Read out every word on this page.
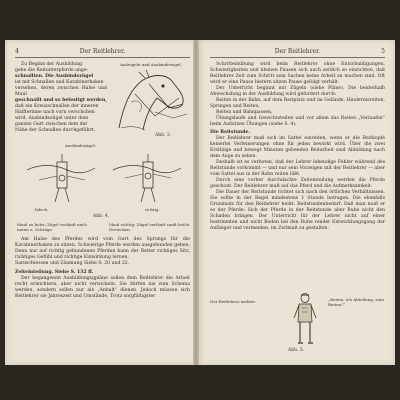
4	Der Reitlehrer.

Zu Beginn der Ausbildung

gebe die Reitunterpferde ange-

schnallten. Die Ausbindezügel

ist mit Schnallen und Karabinerhaken

versehen, deren zwischen Halse und Maul

geschnallt und so befestigt werden,

daß ein Kreuzschnallen der inneren

Halfterinne nach vorn verschoben

wird. Ausbindezügel unter dem

ganzen Gurt zwischen dem der

Nähe der Schnallen durchgeführt.

Aufzügeln und Ausbindezügel.
Abb. 3.
Ausbindezügel.
falsch.	richtig.
Abb. 4.
Maul zu hohe; Zügel verläuft nach unten u. Schräge.
Maul richtig; Zügel verläuft sanft leicht Dreiecken.

Am Halse des Pferdes wird vom Gurt des Sprungs für die Karabinerhaken zu sitzen. Schwierige Pferde werden ausgebunden geben. Denn nur auf richtig gebundenen Pferden kann der Reiter richtiges Sitz, richtiges Gefühl und richtige Einwirkung lernen.

Sarnschiessen und Zäumung Siehe S. 20 und 22.

Zeiteinteilung. Siehe S. 132 ff.

Der begangenen Ausbildungsgpläne sollen dem Reitlehrer die Arbeit recht erleichtern, aber nicht verwickeln. Sie dürfen nie zum Schema werden, sondern sollen nur als „Anhalt“ dienen. Jedoch müssen sich Reitlehrer sie Jahreszeit und Umstände, Trotz sorgfältigster

Der Reitlehrer.	5

Schritteinübung wird beim Reitlehrer ohne Entschuldigungen, Schwierigkeiten und kleinen Pausen sich auch zeitlich so einrichten, daß Reitlehrer Zeit zum Schritt sein Sachen keine Arbeit zu machen sind. Oft wird er eine Pause bietern sitzen Pause gefolgt verhält.

Der Unterricht beginnt mit Zügeln (siehe Pläne). Die beiderhalb Abwechslung in der Ausbildung wird gefordert durch:

Reiten in der Bahn, auf dem Reitplatz und im Gelände, Hindernisreiten, Springen und Reiten,

Reiten und Bahnpassen,

Übungslaufe und Gewichtsteilen und vor allem das Reiten „Verlaufen“ beim Aufsitzen Übungen (siehe S. 4).

Die Reitstunde.

Der Reitlehrer muß sich im Sattel einreiten, wenn er die Reitkopfe keinerlei Verfeinerungen ohne für jeden bewirkt wird. Über die zwei Erstlinge und bewegt Minuten gebenden Reitarbeit sind Abbildung nach dem Auge zu sehen.

Deshalb ist es verboten, daß der Lehrer lebendige Fehler während des Reitstunde vorkommt — und nur sein Vorzeigen mit der Reitlehrer — aber vom Sattel aus in der Bahn reiten läßt.

Durch eine vorher durchdachte Zeiteinteilung werden die Pferde geschont. Der Reitlehrer muß auf das Pferd und die Aufmerksamkeit.

Die Dauer der Reitstunde richtet sich nach den örtlichen Verhältnissen. Sie sollte in der Regel mindestens 1 Stunde betragen. Die ebenfalls Grundsatz für den Reitlehrer heißt: Reitstundenbedarf. Daß man muß er es der Pferde: Sich der Pferde in der Reitstunde aber Ruhe nicht den Schaden bringen. Der Unterricht für der Lehrer nicht auf einer bestimmten und nicht Boden bei den Ruhe rendet Entwicklungsgang der Anfänger und vermeiden, im Zeitmaß zu gestalten.

Der Reitlehrer meldet:	„Reiten, ich Abteilung, zum Reiten!“
Abb. 5.
